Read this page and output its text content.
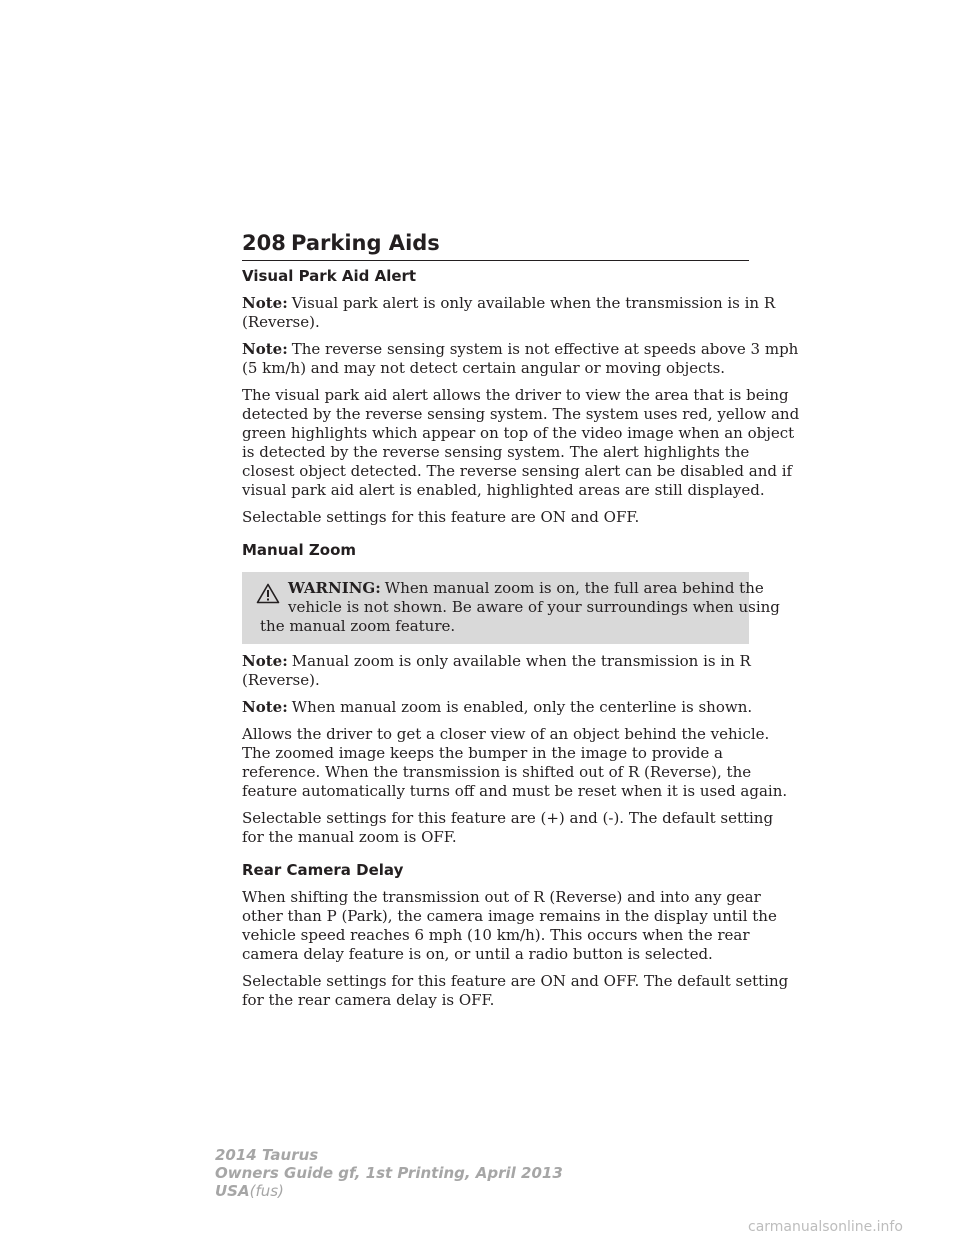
208 Parking Aids
Visual Park Aid Alert
Note: Visual park alert is only available when the transmission is in R
(Reverse).
Note: The reverse sensing system is not effective at speeds above 3 mph
(5 km/h) and may not detect certain angular or moving objects.
The visual park aid alert allows the driver to view the area that is being
detected by the reverse sensing system. The system uses red, yellow and
green highlights which appear on top of the video image when an object
is detected by the reverse sensing system. The alert highlights the
closest object detected. The reverse sensing alert can be disabled and if
visual park aid alert is enabled, highlighted areas are still displayed.
Selectable settings for this feature are ON and OFF.
Manual Zoom
WARNING: When manual zoom is on, the full area behind the
vehicle is not shown. Be aware of your surroundings when using
the manual zoom feature.
Note: Manual zoom is only available when the transmission is in R
(Reverse).
Note: When manual zoom is enabled, only the centerline is shown.
Allows the driver to get a closer view of an object behind the vehicle.
The zoomed image keeps the bumper in the image to provide a
reference. When the transmission is shifted out of R (Reverse), the
feature automatically turns off and must be reset when it is used again.
Selectable settings for this feature are (+) and (-). The default setting
for the manual zoom is OFF.
Rear Camera Delay
When shifting the transmission out of R (Reverse) and into any gear
other than P (Park), the camera image remains in the display until the
vehicle speed reaches 6 mph (10 km/h). This occurs when the rear
camera delay feature is on, or until a radio button is selected.
Selectable settings for this feature are ON and OFF. The default setting
for the rear camera delay is OFF.
2014 Taurus
Owners Guide gf, 1st Printing, April 2013
USA(fus)
carmanualsonline.info
